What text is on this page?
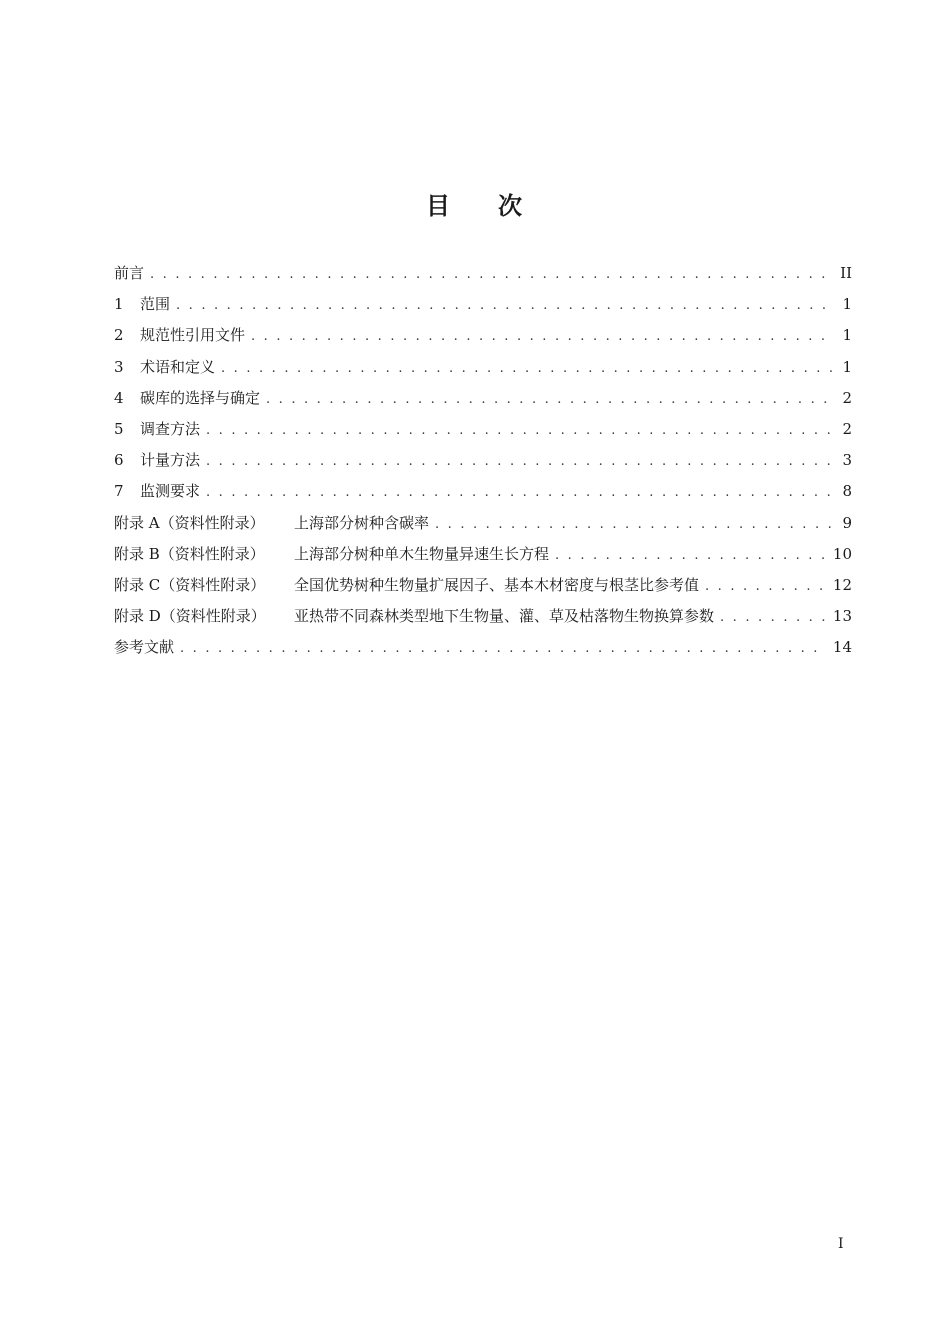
目 次
前言 . . .	II
1 范围 . . .	1
2 规范性引用文件 . . .	1
3 术语和定义 . . .	1
4 碳库的选择与确定 . . .	2
5 调查方法 . . .	2
6 计量方法 . . .	3
7 监测要求 . . .	8
附录 A（资料性附录） 上海部分树种含碳率 . . .	9
附录 B（资料性附录） 上海部分树种单木生物量异速生长方程 . . .	10
附录 C（资料性附录） 全国优势树种生物量扩展因子、基本木材密度与根茎比参考值 . . .	12
附录 D（资料性附录） 亚热带不同森林类型地下生物量、灌、草及枯落物生物换算参数 . . .	13
参考文献 . . .	14
I
